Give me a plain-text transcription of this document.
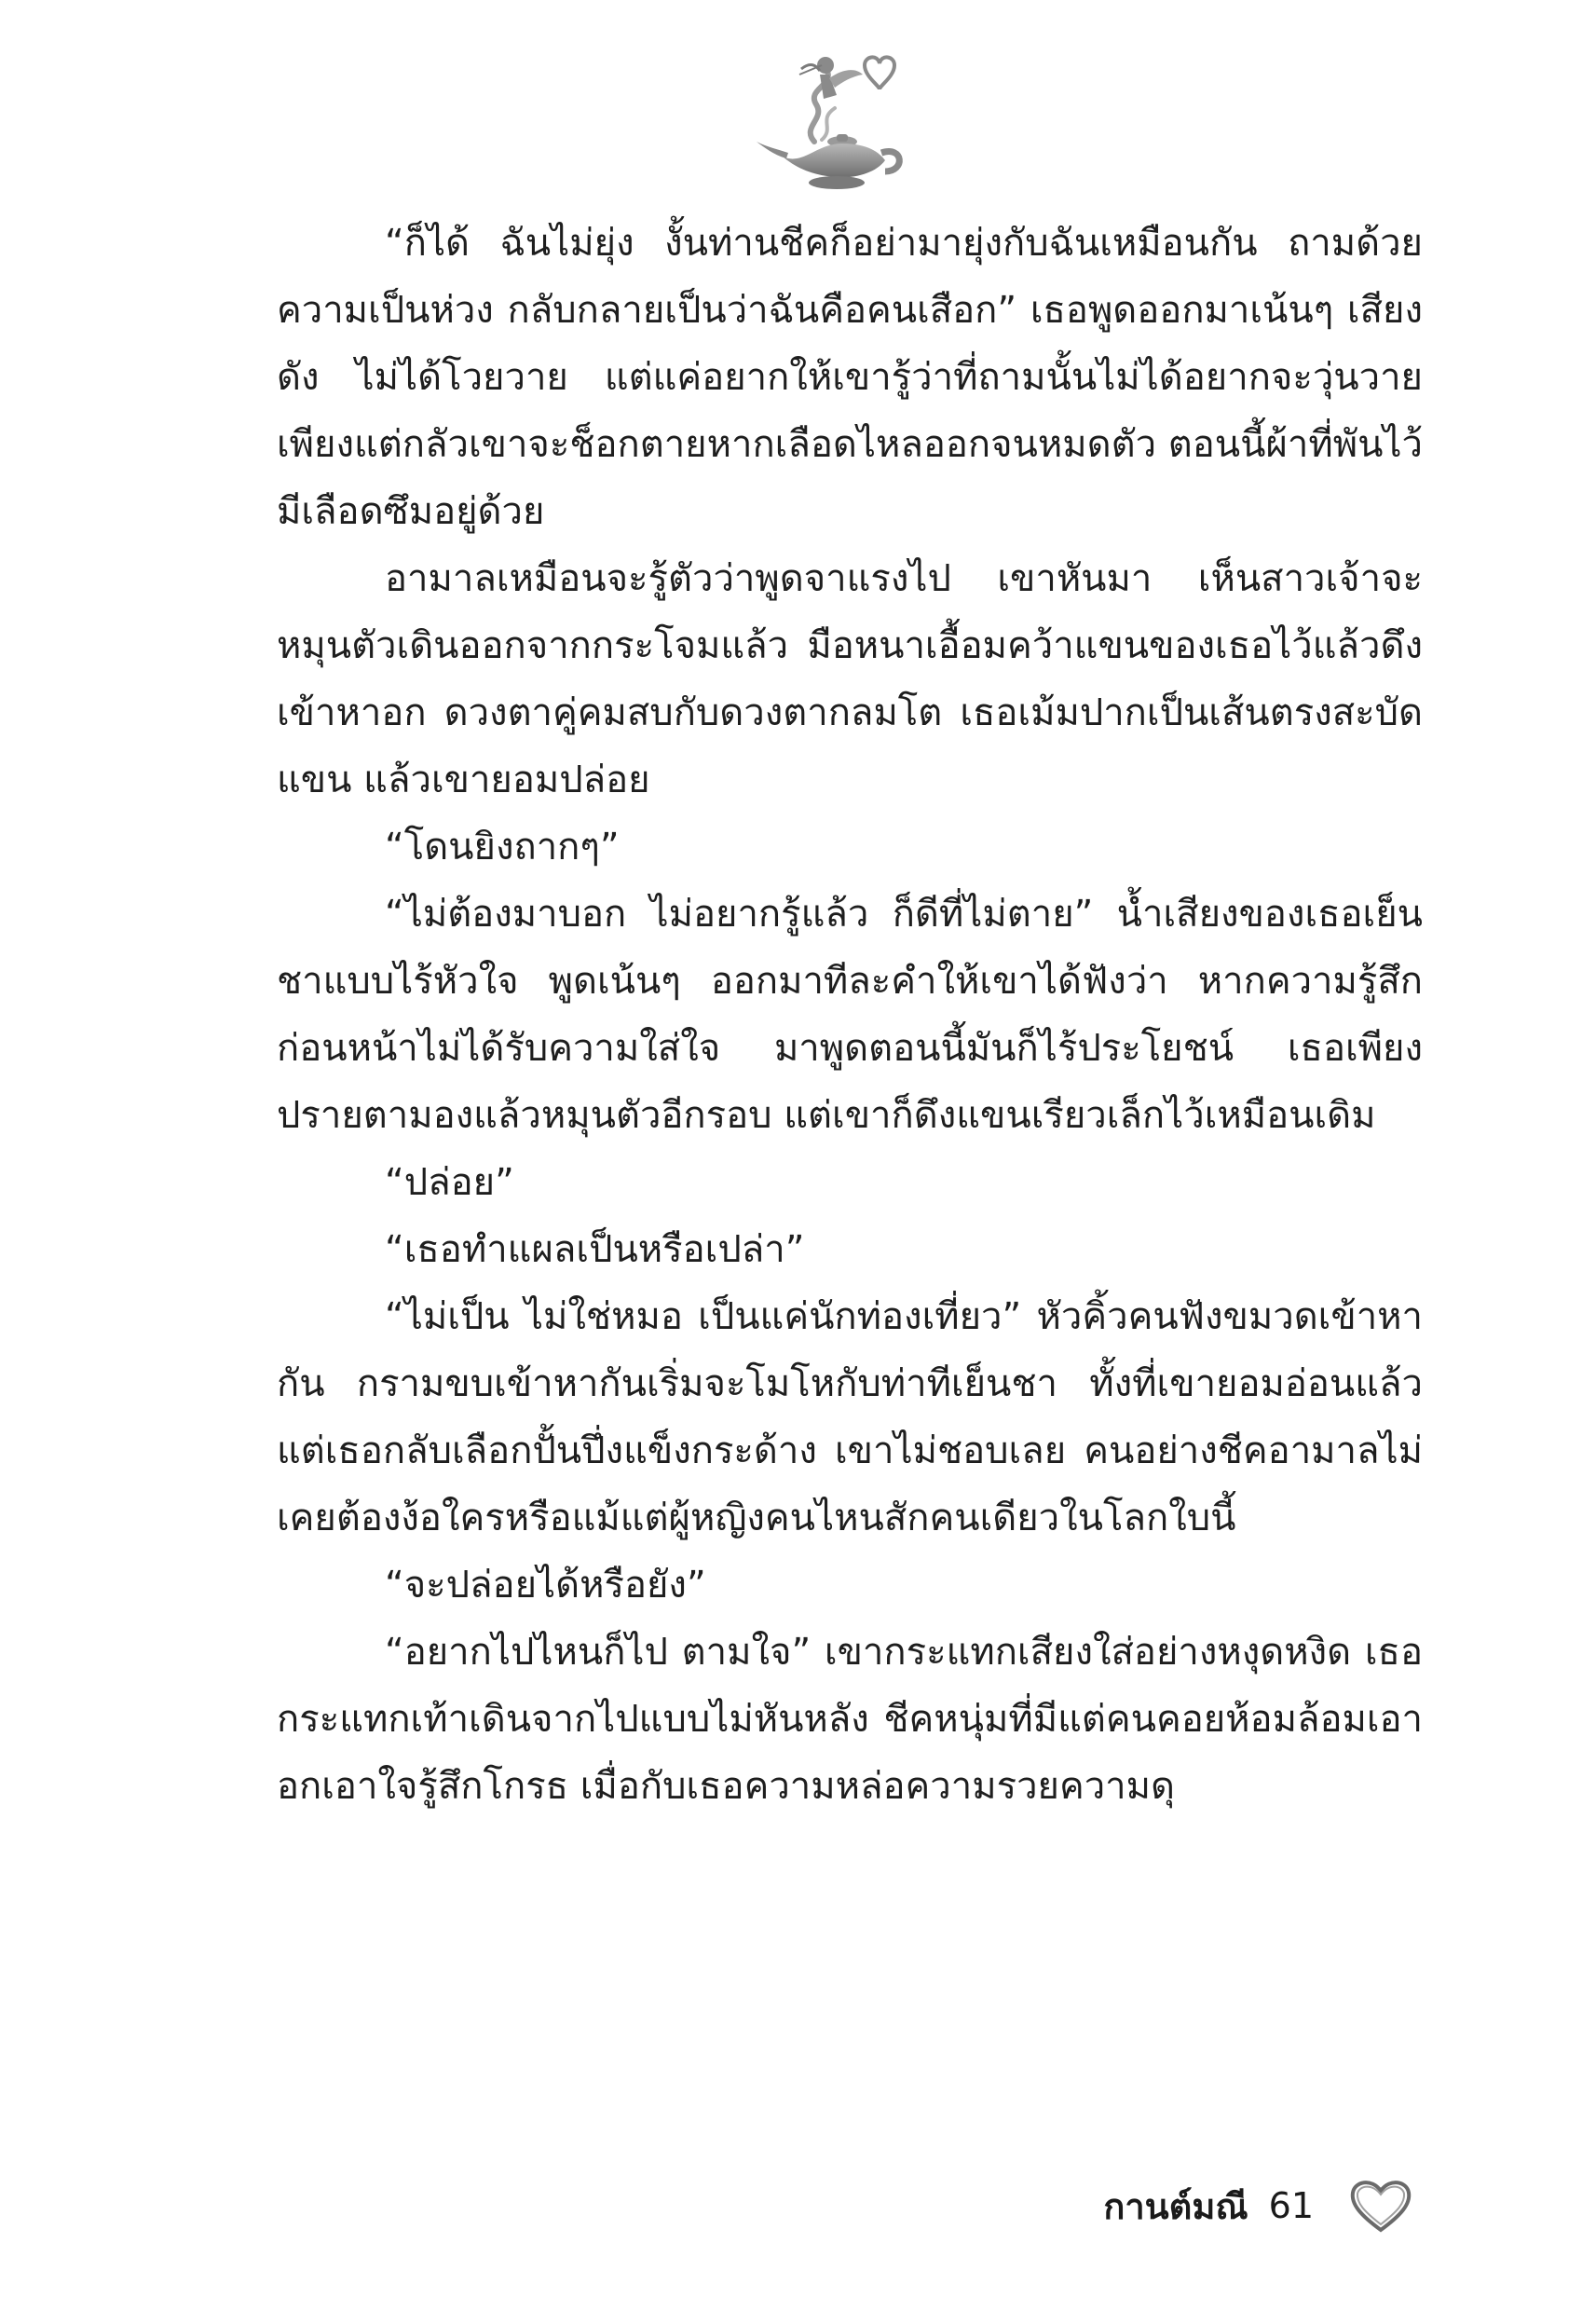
“ก็ได้ ฉันไม่ยุ่ง งั้นท่านชีคก็อย่ามายุ่งกับฉันเหมือนกัน ถามด้วยความเป็นห่วง กลับกลายเป็นว่าฉันคือคนเสือก” เธอพูดออกมาเน้นๆ เสียงดัง ไม่ได้โวยวาย แต่แค่อยากให้เขารู้ว่าที่ถามนั้นไม่ได้อยากจะวุ่นวาย เพียงแต่กลัวเขาจะช็อกตายหากเลือดไหลออกจนหมดตัว ตอนนี้ผ้าที่พันไว้มีเลือดซึมอยู่ด้วย

อามาลเหมือนจะรู้ตัวว่าพูดจาแรงไป เขาหันมา เห็นสาวเจ้าจะหมุนตัวเดินออกจากกระโจมแล้ว มือหนาเอื้อมคว้าแขนของเธอไว้แล้วดึงเข้าหาอก ดวงตาคู่คมสบกับดวงตากลมโต เธอเม้มปากเป็นเส้นตรงสะบัดแขน แล้วเขายอมปล่อย

“โดนยิงถากๆ”

“ไม่ต้องมาบอก ไม่อยากรู้แล้ว ก็ดีที่ไม่ตาย” น้ำเสียงของเธอเย็นชาแบบไร้หัวใจ พูดเน้นๆ ออกมาทีละคำให้เขาได้ฟังว่า หากความรู้สึกก่อนหน้าไม่ได้รับความใส่ใจ มาพูดตอนนี้มันก็ไร้ประโยชน์ เธอเพียงปรายตามองแล้วหมุนตัวอีกรอบ แต่เขาก็ดึงแขนเรียวเล็กไว้เหมือนเดิม

“ปล่อย”

“เธอทำแผลเป็นหรือเปล่า”

“ไม่เป็น ไม่ใช่หมอ เป็นแค่นักท่องเที่ยว” หัวคิ้วคนฟังขมวดเข้าหากัน กรามขบเข้าหากันเริ่มจะโมโหกับท่าทีเย็นชา ทั้งที่เขายอมอ่อนแล้ว แต่เธอกลับเลือกปั้นปึ่งแข็งกระด้าง เขาไม่ชอบเลย คนอย่างชีคอามาลไม่เคยต้องง้อใครหรือแม้แต่ผู้หญิงคนไหนสักคนเดียวในโลกใบนี้

“จะปล่อยได้หรือยัง”

“อยากไปไหนก็ไป ตามใจ” เขากระแทกเสียงใส่อย่างหงุดหงิด เธอกระแทกเท้าเดินจากไปแบบไม่หันหลัง ชีคหนุ่มที่มีแต่คนคอยห้อมล้อมเอาอกเอาใจรู้สึกโกรธ เมื่อกับเธอความหล่อความรวยความดุ

กานต์มณี 61
